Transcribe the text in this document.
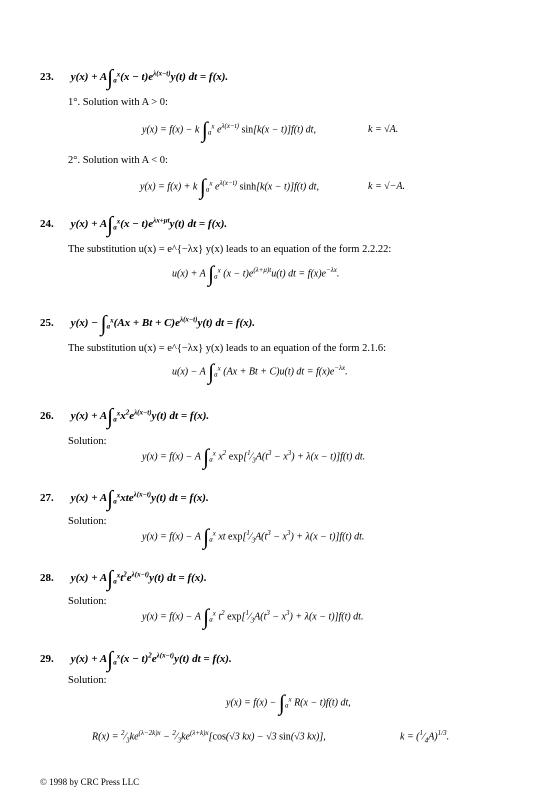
23. $y(x) + A\int_a^x(x - t)e^{\lambda(x-t)}y(t)$ dt = f(x).
1°. Solution with A > 0:
y(x) = f(x) − k $\int_a^x$ $e^{\lambda(x-t)}$ sin[k(x − t)]f(t) dt,	k = √A.
2°. Solution with A < 0:
y(x) = f(x) + k $\int_a^x$ $e^{\lambda(x-t)}$ sinh[k(x − t)]f(t) dt,	k = √−A.
24. $y(x) + A\int_a^x(x - t)e^{\lambda x+\mu t}y(t)$ dt = f(x).
The substitution u(x) = e^{−λx} y(x) leads to an equation of the form 2.2.22:
u(x) + A $\int_a^x$ $(x - t)e^{(\lambda+\mu)t}u(t)$ dt = $f(x)e^{-\lambda x}$.
25. $y(x) - \int_a^x(Ax + Bt + C)e^{\lambda(x-t)}y(t)$ dt = f(x).
The substitution u(x) = e^{−λx} y(x) leads to an equation of the form 2.1.6:
u(x) − A $\int_a^x$ (Ax + Bt + C)u(t) dt = $f(x)e^{-\lambda x}$.
26. $y(x) + A\int_a^xx^2e^{\lambda(x-t)}y(t)$ dt = f(x).
Solution:
y(x) = f(x) − A $\int_a^x$ $x^2$ $\exp[^1⁄_3A(t^3 - x^3) + \lambda(x - t)]f(t)$ dt.
27. $y(x) + A\int_a^xxte^{\lambda(x-t)}y(t)$ dt = f(x).
Solution:
y(x) = f(x) − A $\int_a^x$ xt $\exp[^1⁄_3A(t^3 - x^3) + \lambda(x - t)]f(t)$ dt.
28. $y(x) + A\int_a^xt^2e^{\lambda(x-t)}y(t)$ dt = f(x).
Solution:
y(x) = f(x) − A $\int_a^x$ $t^2$ $\exp[^1⁄_3A(t^3 - x^3) + \lambda(x - t)]f(t)$ dt.
29. $y(x) + A\int_a^x(x - t)^2e^{\lambda(x-t)}y(t)$ dt = f(x).
Solution:
$y(x) = f(x) - \int_a^x$ R(x − t)f(t) dt,
$R(x) = ^2⁄_3ke^{(\lambda-2k)x}$ − $^2⁄_3ke^{(\lambda+k)x}[\cos(√3$ kx) − √3 sin(√3 kx)],	$k = (^1⁄_4A)^{1/3}$.
© 1998 by CRC Press LLC
